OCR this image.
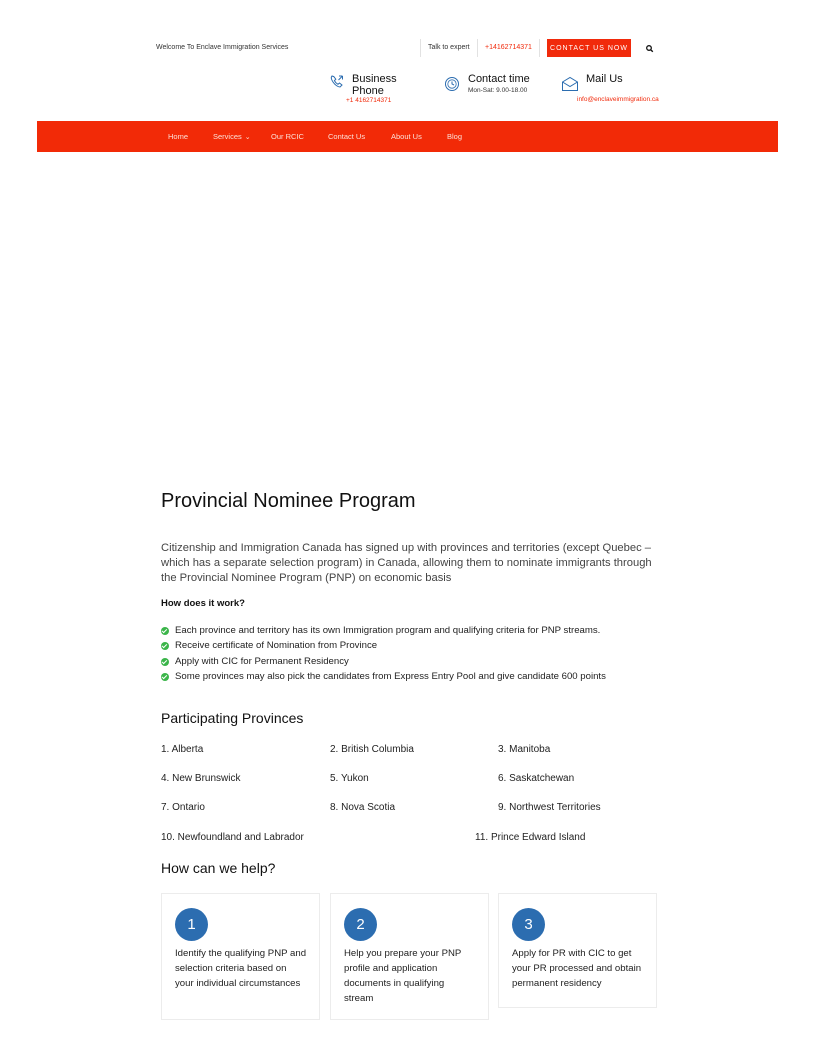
Welcome To Enclave Immigration Services	Talk to expert +14162714371	CONTACT US NOW
Business Phone
+1 4162714371
Contact time
Mon-Sat: 9.00-18.00
Mail Us
info@enclaveimmigration.ca
Home	Services ⌄	Our RCIC	Contact Us	About Us	Blog
Provincial Nominee Program

Citizenship and Immigration Canada has signed up with provinces and territories (except Quebec – which has a separate selection program) in Canada, allowing them to nominate immigrants through the Provincial Nominee Program (PNP) on economic basis

How does it work?
Each province and territory has its own Immigration program and qualifying criteria for PNP streams.
Receive certificate of Nomination from Province
Apply with CIC for Permanent Residency
Some provinces may also pick the candidates from Express Entry Pool and give candidate 600 points
Participating Provinces
1. Alberta	2. British Columbia	3. Manitoba
4. New Brunswick	5. Yukon	6. Saskatchewan
7. Ontario	8. Nova Scotia	9. Northwest Territories
10. Newfoundland and Labrador	11. Prince Edward Island
How can we help?
1
Identify the qualifying PNP and selection criteria based on your individual circumstances
2
Help you prepare your PNP profile and application documents in qualifying stream
3
Apply for PR with CIC to get your PR processed and obtain permanent residency
